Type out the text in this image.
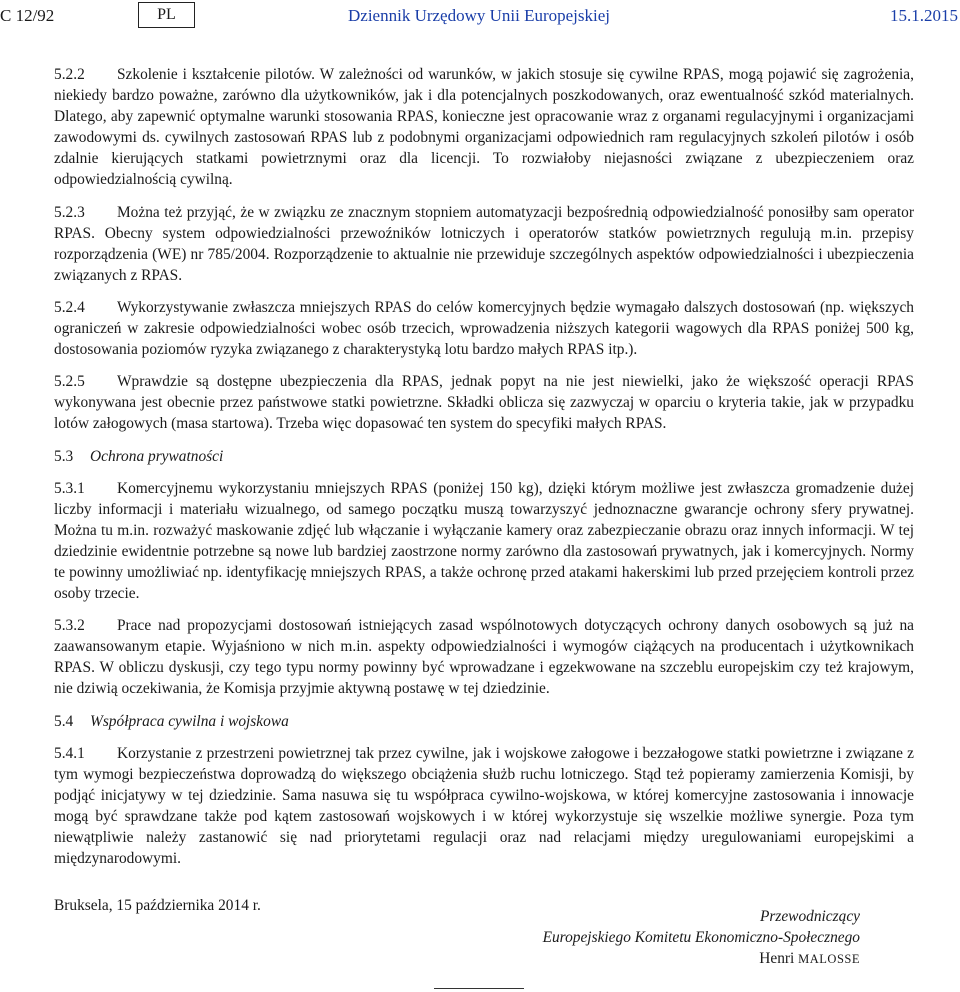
C 12/92	PL	Dziennik Urzędowy Unii Europejskiej	15.1.2015

5.2.2 Szkolenie i kształcenie pilotów. W zależności od warunków, w jakich stosuje się cywilne RPAS, mogą pojawić się zagrożenia, niekiedy bardzo poważne, zarówno dla użytkowników, jak i dla potencjalnych poszkodowanych, oraz ewentualność szkód materialnych. Dlatego, aby zapewnić optymalne warunki stosowania RPAS, konieczne jest opracowanie wraz z organami regulacyjnymi i organizacjami zawodowymi ds. cywilnych zastosowań RPAS lub z podobnymi organizacjami odpowiednich ram regulacyjnych szkoleń pilotów i osób zdalnie kierujących statkami powietrznymi oraz dla licencji. To rozwiałoby niejasności związane z ubezpieczeniem oraz odpowiedzialnością cywilną.

5.2.3 Można też przyjąć, że w związku ze znacznym stopniem automatyzacji bezpośrednią odpowiedzialność ponosiłby sam operator RPAS. Obecny system odpowiedzialności przewoźników lotniczych i operatorów statków powietrznych regulują m.in. przepisy rozporządzenia (WE) nr 785/2004. Rozporządzenie to aktualnie nie przewiduje szczególnych aspektów odpowiedzialności i ubezpieczenia związanych z RPAS.

5.2.4 Wykorzystywanie zwłaszcza mniejszych RPAS do celów komercyjnych będzie wymagało dalszych dostosowań (np. większych ograniczeń w zakresie odpowiedzialności wobec osób trzecich, wprowadzenia niższych kategorii wagowych dla RPAS poniżej 500 kg, dostosowania poziomów ryzyka związanego z charakterystyką lotu bardzo małych RPAS itp.).

5.2.5 Wprawdzie są dostępne ubezpieczenia dla RPAS, jednak popyt na nie jest niewielki, jako że większość operacji RPAS wykonywana jest obecnie przez państwowe statki powietrzne. Składki oblicza się zazwyczaj w oparciu o kryteria takie, jak w przypadku lotów załogowych (masa startowa). Trzeba więc dopasować ten system do specyfiki małych RPAS.

5.3 Ochrona prywatności

5.3.1 Komercyjnemu wykorzystaniu mniejszych RPAS (poniżej 150 kg), dzięki którym możliwe jest zwłaszcza gromadzenie dużej liczby informacji i materiału wizualnego, od samego początku muszą towarzyszyć jednoznaczne gwarancje ochrony sfery prywatnej. Można tu m.in. rozważyć maskowanie zdjęć lub włączanie i wyłączanie kamery oraz zabezpieczanie obrazu oraz innych informacji. W tej dziedzinie ewidentnie potrzebne są nowe lub bardziej zaostrzone normy zarówno dla zastosowań prywatnych, jak i komercyjnych. Normy te powinny umożliwiać np. identyfikację mniejszych RPAS, a także ochronę przed atakami hakerskimi lub przed przejęciem kontroli przez osoby trzecie.

5.3.2 Prace nad propozycjami dostosowań istniejących zasad wspólnotowych dotyczących ochrony danych osobowych są już na zaawansowanym etapie. Wyjaśniono w nich m.in. aspekty odpowiedzialności i wymogów ciążących na producentach i użytkownikach RPAS. W obliczu dyskusji, czy tego typu normy powinny być wprowadzane i egzekwowane na szczeblu europejskim czy też krajowym, nie dziwią oczekiwania, że Komisja przyjmie aktywną postawę w tej dziedzinie.

5.4 Współpraca cywilna i wojskowa

5.4.1 Korzystanie z przestrzeni powietrznej tak przez cywilne, jak i wojskowe załogowe i bezzałogowe statki powietrzne i związane z tym wymogi bezpieczeństwa doprowadzą do większego obciążenia służb ruchu lotniczego. Stąd też popieramy zamierzenia Komisji, by podjąć inicjatywy w tej dziedzinie. Sama nasuwa się tu współpraca cywilno-wojskowa, w której komercyjne zastosowania i innowacje mogą być sprawdzane także pod kątem zastosowań wojskowych i w której wykorzystuje się wszelkie możliwe synergie. Poza tym niewątpliwie należy zastanowić się nad priorytetami regulacji oraz nad relacjami między uregulowaniami europejskimi a międzynarodowymi.

Bruksela, 15 października 2014 r.

Przewodniczący
Europejskiego Komitetu Ekonomiczno-Społecznego
Henri MALOSSE
